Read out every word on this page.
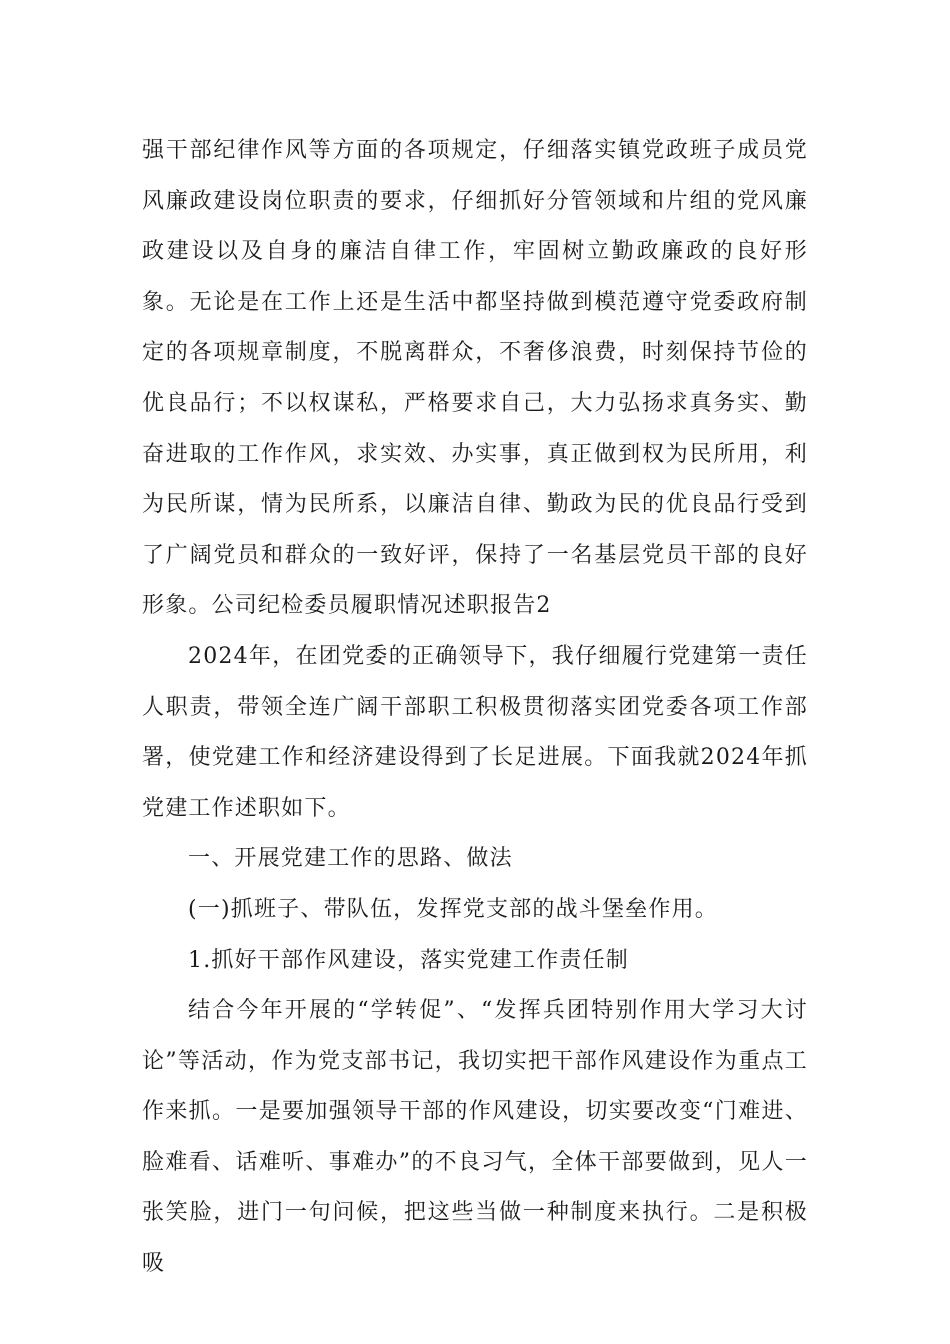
强干部纪律作风等方面的各项规定，仔细落实镇党政班子成员党风廉政建设岗位职责的要求，仔细抓好分管领域和片组的党风廉政建设以及自身的廉洁自律工作，牢固树立勤政廉政的良好形象。无论是在工作上还是生活中都坚持做到模范遵守党委政府制定的各项规章制度，不脱离群众，不奢侈浪费，时刻保持节俭的优良品行；不以权谋私，严格要求自己，大力弘扬求真务实、勤奋进取的工作作风，求实效、办实事，真正做到权为民所用，利为民所谋，情为民所系，以廉洁自律、勤政为民的优良品行受到了广阔党员和群众的一致好评，保持了一名基层党员干部的良好形象。公司纪检委员履职情况述职报告2

2024年，在团党委的正确领导下，我仔细履行党建第一责任人职责，带领全连广阔干部职工积极贯彻落实团党委各项工作部署，使党建工作和经济建设得到了长足进展。下面我就2024年抓党建工作述职如下。

一、开展党建工作的思路、做法

(一)抓班子、带队伍，发挥党支部的战斗堡垒作用。

1.抓好干部作风建设，落实党建工作责任制

结合今年开展的“学转促”、“发挥兵团特别作用大学习大讨论”等活动，作为党支部书记，我切实把干部作风建设作为重点工作来抓。一是要加强领导干部的作风建设，切实要改变“门难进、脸难看、话难听、事难办”的不良习气，全体干部要做到，见人一张笑脸，进门一句问候，把这些当做一种制度来执行。二是积极吸
